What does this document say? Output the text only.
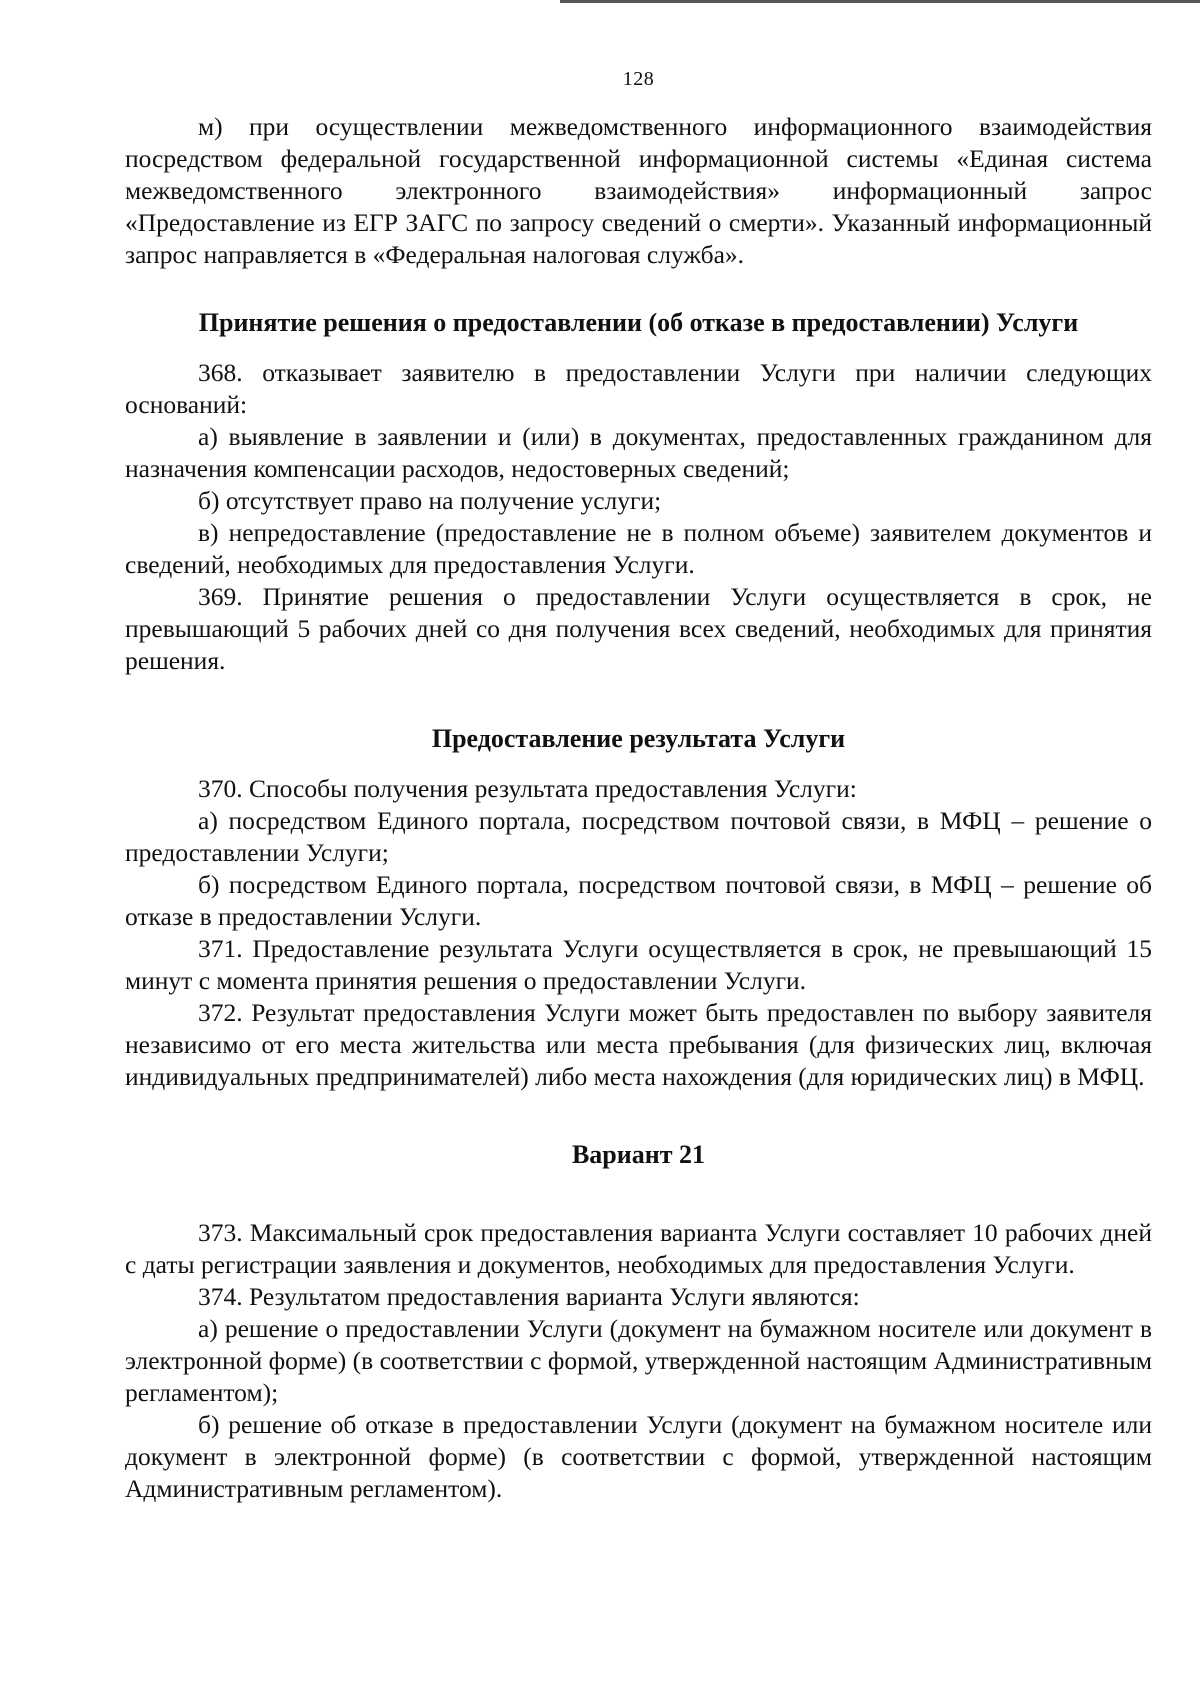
128

м) при осуществлении межведомственного информационного взаимодействия посредством федеральной государственной информационной системы «Единая система межведомственного электронного взаимодействия» информационный запрос «Предоставление из ЕГР ЗАГС по запросу сведений о смерти». Указанный информационный запрос направляется в «Федеральная налоговая служба».

Принятие решения о предоставлении (об отказе в предоставлении) Услуги

368. отказывает заявителю в предоставлении Услуги при наличии следующих оснований:

а) выявление в заявлении и (или) в документах, предоставленных гражданином для назначения компенсации расходов, недостоверных сведений;

б) отсутствует право на получение услуги;

в) непредоставление (предоставление не в полном объеме) заявителем документов и сведений, необходимых для предоставления Услуги.

369. Принятие решения о предоставлении Услуги осуществляется в срок, не превышающий 5 рабочих дней со дня получения всех сведений, необходимых для принятия решения.

Предоставление результата Услуги

370. Способы получения результата предоставления Услуги:

а) посредством Единого портала, посредством почтовой связи, в МФЦ – решение о предоставлении Услуги;

б) посредством Единого портала, посредством почтовой связи, в МФЦ – решение об отказе в предоставлении Услуги.

371. Предоставление результата Услуги осуществляется в срок, не превышающий 15 минут с момента принятия решения о предоставлении Услуги.

372. Результат предоставления Услуги может быть предоставлен по выбору заявителя независимо от его места жительства или места пребывания (для физических лиц, включая индивидуальных предпринимателей) либо места нахождения (для юридических лиц) в МФЦ.

Вариант 21

373. Максимальный срок предоставления варианта Услуги составляет 10 рабочих дней с даты регистрации заявления и документов, необходимых для предоставления Услуги.

374. Результатом предоставления варианта Услуги являются:

а) решение о предоставлении Услуги (документ на бумажном носителе или документ в электронной форме) (в соответствии с формой, утвержденной настоящим Административным регламентом);

б) решение об отказе в предоставлении Услуги (документ на бумажном носителе или документ в электронной форме) (в соответствии с формой, утвержденной настоящим Административным регламентом).
